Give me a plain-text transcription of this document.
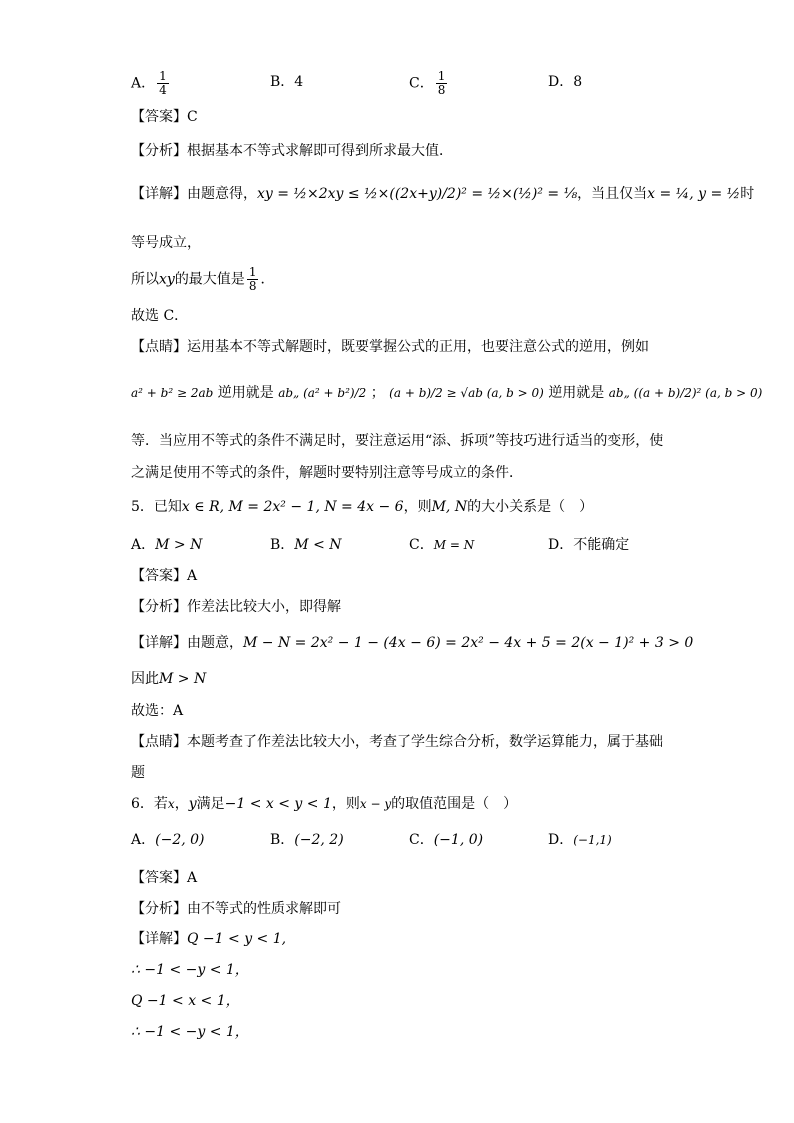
A． $\frac{1}{4}$	B．4	C． $\frac{1}{8}$	D．8
【答案】C
【分析】根据基本不等式求解即可得到所求最大值．
【详解】由题意得，xy = ½×2xy ≤ ½×((2x+y)/2)² = ½×(½)² = ⅛，当且仅当x = ¼, y = ½时
等号成立，
所以xy的最大值是 $\frac{1}{8}$ ．
故选 C．
【点睛】运用基本不等式解题时，既要掌握公式的正用，也要注意公式的逆用，例如
a² + b² ≥ 2ab 逆用就是 ab„ (a² + b²)/2 ； (a + b)/2 ≥ √ab (a, b > 0) 逆用就是 ab„ ((a + b)/2)² (a, b > 0)
等．当应用不等式的条件不满足时，要注意运用“添、拆项”等技巧进行适当的变形，使
之满足使用不等式的条件，解题时要特别注意等号成立的条件．
5．已知x ∈ R, M = 2x² − 1, N = 4x − 6，则M, N的大小关系是（　）
A．M > N	B．M < N	C．M = N	D．不能确定
【答案】A
【分析】作差法比较大小，即得解
【详解】由题意，M − N = 2x² − 1 − (4x − 6) = 2x² − 4x + 5 = 2(x − 1)² + 3 > 0
因此M > N
故选：A
【点睛】本题考查了作差法比较大小，考查了学生综合分析，数学运算能力，属于基础
题
6．若x，y满足−1 < x < y < 1，则x − y的取值范围是（　）
A．(−2, 0)	B．(−2, 2)	C．(−1, 0)	D．(−1,1)
【答案】A
【分析】由不等式的性质求解即可
【详解】Q −1 < y < 1,
∴ −1 < −y < 1，
Q −1 < x < 1，
∴ −1 < −y < 1，
